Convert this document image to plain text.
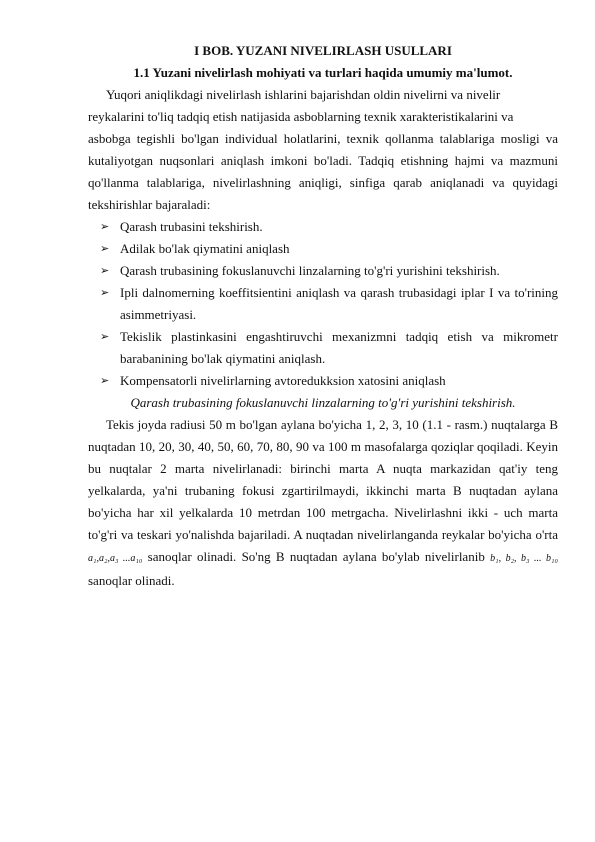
I BOB. YUZANI NIVELIRLASH USULLARI

1.1 Yuzani nivelirlash mohiyati va turlari haqida umumiy ma'lumot.

Yuqori aniqlikdagi nivelirlash ishlarini bajarishdan oldin nivelirni va nivelir

reykalarini to'liq tadqiq etish natijasida asboblarning texnik xarakteristikalarini va

asbobga tegishli bo'lgan individual holatlarini, texnik qollanma talablariga mosligi va kutaliyotgan nuqsonlari aniqlash imkoni bo'ladi. Tadqiq etishning hajmi va mazmuni qo'llanma talablariga, nivelirlashning aniqligi, sinfiga qarab aniqlanadi va quyidagi tekshirishlar bajaraladi:

➢ Qarash trubasini tekshirish.
➢ Adilak bo'lak qiymatini aniqlash
➢ Qarash trubasining fokuslanuvchi linzalarning to'g'ri yurishini tekshirish.
➢ Ipli dalnomerning koeffitsientini aniqlash va qarash trubasidagi iplar I va to'rining asimmetriyasi.
➢ Tekislik plastinkasini engashtiruvchi mexanizmni tadqiq etish va mikrometr barabanining bo'lak qiymatini aniqlash.
➢ Kompensatorli nivelirlarning avtoredukksion xatosini aniqlash

Qarash trubasining fokuslanuvchi linzalarning to'g'ri yurishini tekshirish.

Tekis joyda radiusi 50 m bo'lgan aylana bo'yicha 1, 2, 3, 10 (1.1 - rasm.) nuqtalarga B nuqtadan 10, 20, 30, 40, 50, 60, 70, 80, 90 va 100 m masofalarga qoziqlar qoqiladi. Keyin bu nuqtalar 2 marta nivelirlanadi: birinchi marta A nuqta markazidan qat'iy teng yelkalarda, ya'ni trubaning fokusi zgartirilmaydi, ikkinchi marta B nuqtadan aylana bo'yicha har xil yelkalarda 10 metrdan 100 metrgacha. Nivelirlashni ikki - uch marta to'g'ri va teskari yo'nalishda bajariladi. A nuqtadan nivelirlanganda reykalar bo'yicha o'rta a₁,a₂,a₃ ...a₁₀ sanoqlar olinadi. So'ng B nuqtadan aylana bo'ylab nivelirlanib b₁, b₂, b₃ ... b₁₀ sanoqlar olinadi.
